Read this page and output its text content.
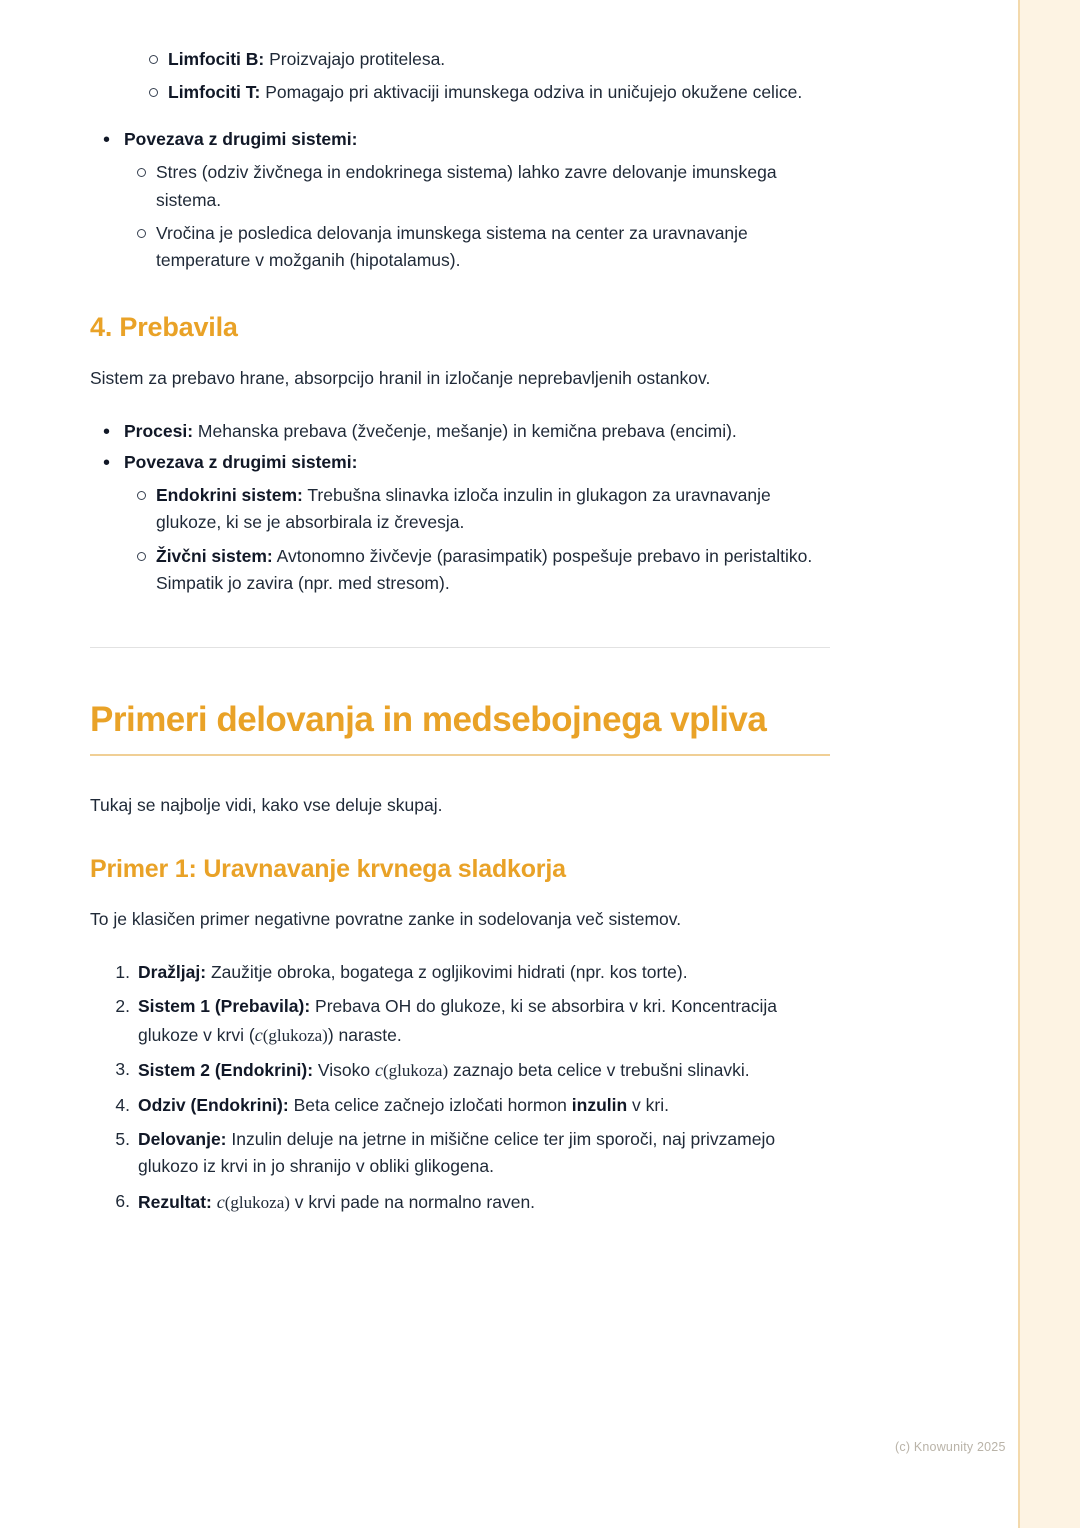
Limfociti B: Proizvajajo protitelesa.
Limfociti T: Pomagajo pri aktivaciji imunskega odziva in uničujejo okužene celice.
• Povezava z drugimi sistemi:
Stres (odziv živčnega in endokrinega sistema) lahko zavre delovanje imunskega sistema.
Vročina je posledica delovanja imunskega sistema na center za uravnavanje temperature v možganih (hipotalamus).
4. Prebavila

Sistem za prebavo hrane, absorpcijo hranil in izločanje neprebavljenih ostankov.

• Procesi: Mehanska prebava (žvečenje, mešanje) in kemična prebava (encimi).
• Povezava z drugimi sistemi:
Endokrini sistem: Trebušna slinavka izloča inzulin in glukagon za uravnavanje glukoze, ki se je absorbirala iz črevesja.
Živčni sistem: Avtonomno živčevje (parasimpatik) pospešuje prebavo in peristaltiko. Simpatik jo zavira (npr. med stresom).
Primeri delovanja in medsebojnega vpliva

Tukaj se najbolje vidi, kako vse deluje skupaj.

Primer 1: Uravnavanje krvnega sladkorja

To je klasičen primer negativne povratne zanke in sodelovanja več sistemov.

Dražljaj: Zaužitje obroka, bogatega z ogljikovimi hidrati (npr. kos torte).
Sistem 1 (Prebavila): Prebava OH do glukoze, ki se absorbira v kri. Koncentracija glukoze v krvi (c(glukoza)) naraste.
Sistem 2 (Endokrini): Visoko c(glukoza) zaznajo beta celice v trebušni slinavki.
Odziv (Endokrini): Beta celice začnejo izločati hormon inzulin v kri.
Delovanje: Inzulin deluje na jetrne in mišične celice ter jim sporoči, naj privzamejo glukozo iz krvi in jo shranijo v obliki glikogena.
Rezultat: c(glukoza) v krvi pade na normalno raven.
(c) Knowunity 2025
